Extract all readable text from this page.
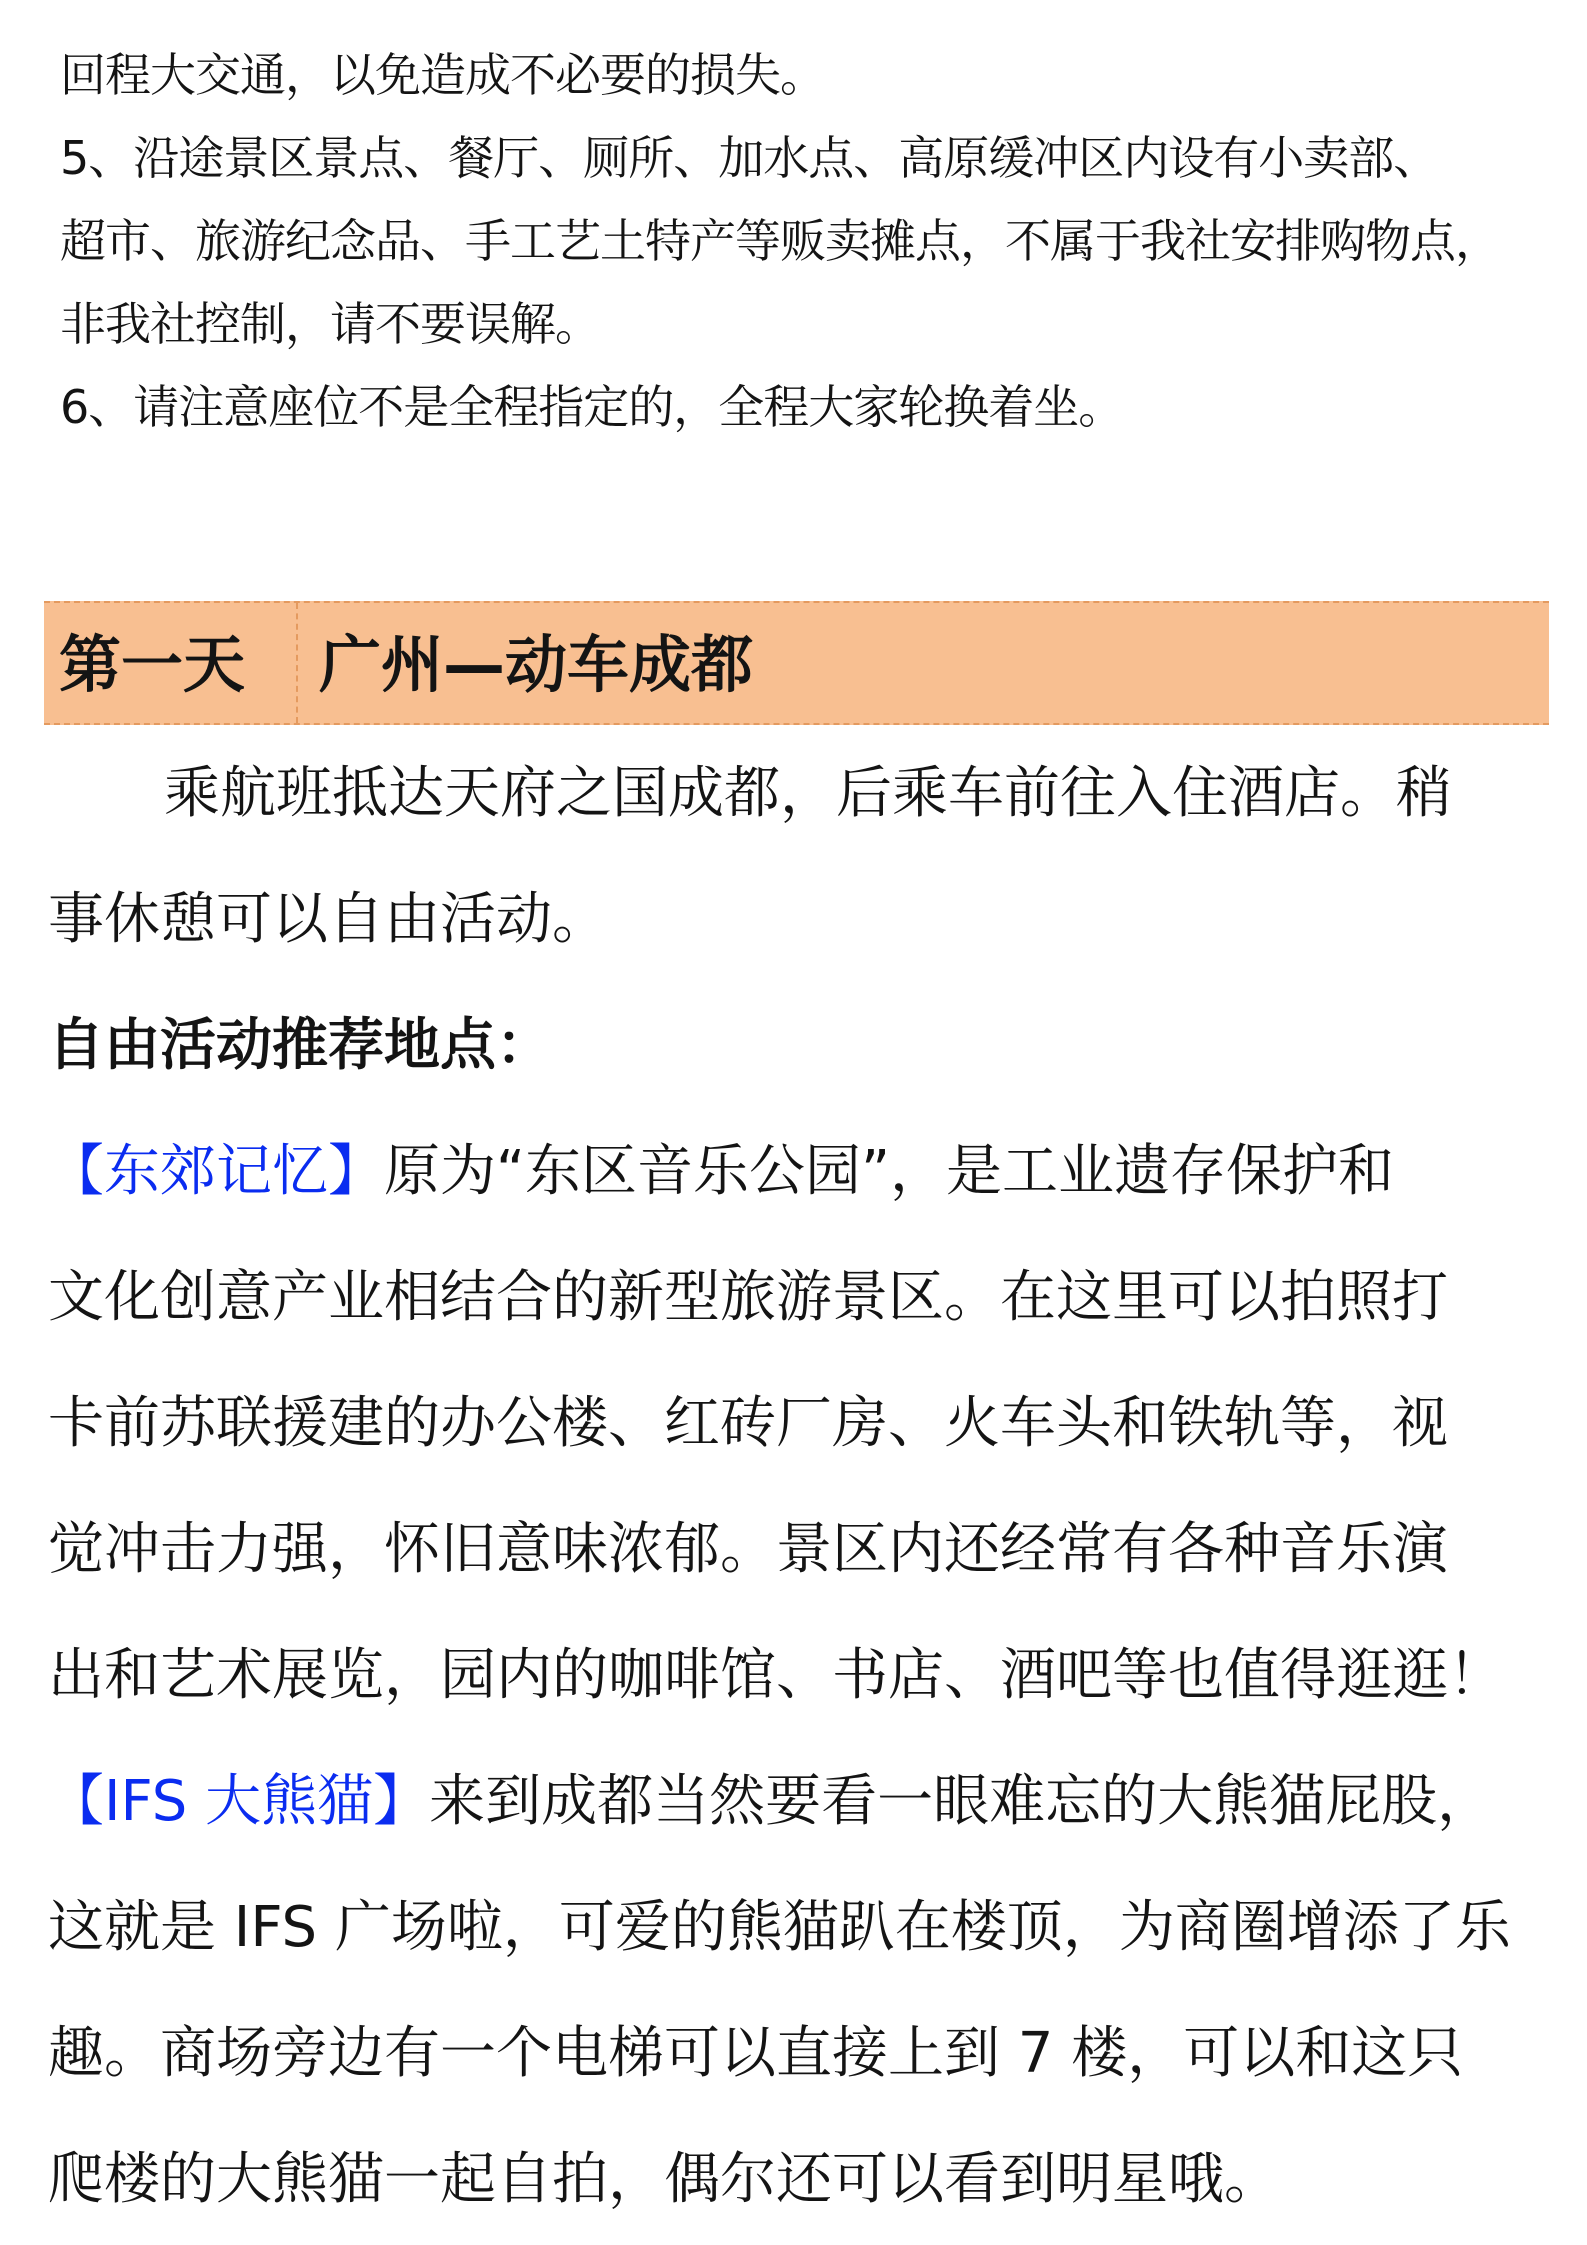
回程大交通，以免造成不必要的损失。
5、沿途景区景点、餐厅、厕所、加水点、高原缓冲区内设有小卖部、
超市、旅游纪念品、手工艺土特产等贩卖摊点，不属于我社安排购物点，
非我社控制，请不要误解。
6、请注意座位不是全程指定的，全程大家轮换着坐。
第一天 广州—动车成都
乘航班抵达天府之国成都，后乘车前往入住酒店。稍
事休憩可以自由活动。
自由活动推荐地点：
【东郊记忆】原为“东区音乐公园”，是工业遗存保护和
文化创意产业相结合的新型旅游景区。在这里可以拍照打
卡前苏联援建的办公楼、红砖厂房、火车头和铁轨等，视
觉冲击力强，怀旧意味浓郁。景区内还经常有各种音乐演
出和艺术展览，园内的咖啡馆、书店、酒吧等也值得逛逛！
【IFS 大熊猫】来到成都当然要看一眼难忘的大熊猫屁股，
这就是 IFS 广场啦，可爱的熊猫趴在楼顶，为商圈增添了乐
趣。商场旁边有一个电梯可以直接上到 7 楼，可以和这只
爬楼的大熊猫一起自拍，偶尔还可以看到明星哦。
